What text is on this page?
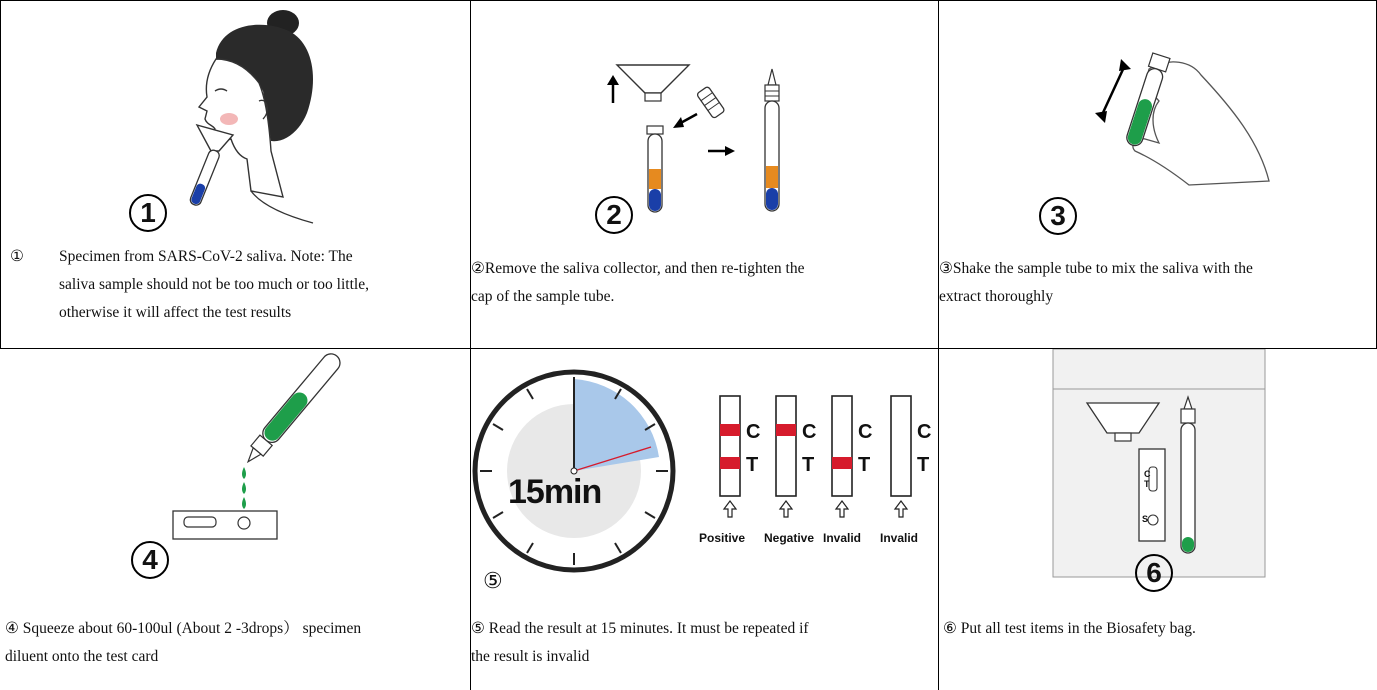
1
① Specimen from SARS-CoV-2 saliva. Note: The
saliva sample should not be too much or too little,
otherwise it will affect the test results
2
②Remove the saliva collector, and then re-tighten the
cap of the sample tube.
3
③Shake the sample tube to mix the saliva with the
extract thoroughly
4
④ Squeeze about 60-100ul (About 2 -3drops） specimen
diluent onto the test card
C
T
C
T
C
T
C
T
Positive Negative Invalid Invalid
15min
⑤
⑤ Read the result at 15 minutes. It must be repeated if
the result is invalid
C
T
S
6
⑥ Put all test items in the Biosafety bag.
